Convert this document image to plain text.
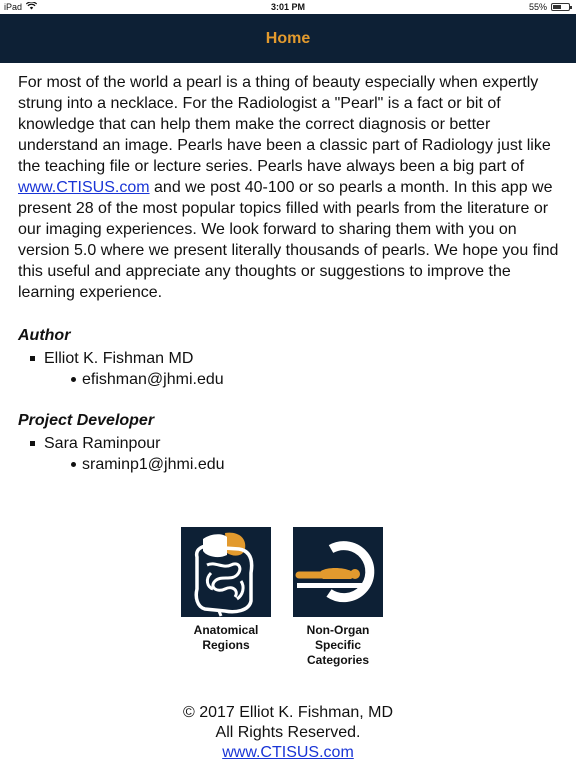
iPad	3:01 PM	55%
Home

For most of the world a pearl is a thing of beauty especially when expertly strung into a necklace. For the Radiologist a "Pearl" is a fact or bit of knowledge that can help them make the correct diagnosis or better understand an image. Pearls have been a classic part of Radiology just like the teaching file or lecture series. Pearls have always been a big part of www.CTISUS.com and we post 40-100 or so pearls a month. In this app we present 28 of the most popular topics filled with pearls from the literature or our imaging experiences. We look forward to sharing them with you on version 5.0 where we present literally thousands of pearls. We hope you find this useful and appreciate any thoughts or suggestions to improve the learning experience.

Author
Elliot K. Fishman MD
efishman@jhmi.edu
Project Developer
Sara Raminpour
sraminp1@jhmi.edu
Anatomical
Regions
Non-Organ
Specific Categories
© 2017 Elliot K. Fishman, MD
All Rights Reserved.
www.CTISUS.com
